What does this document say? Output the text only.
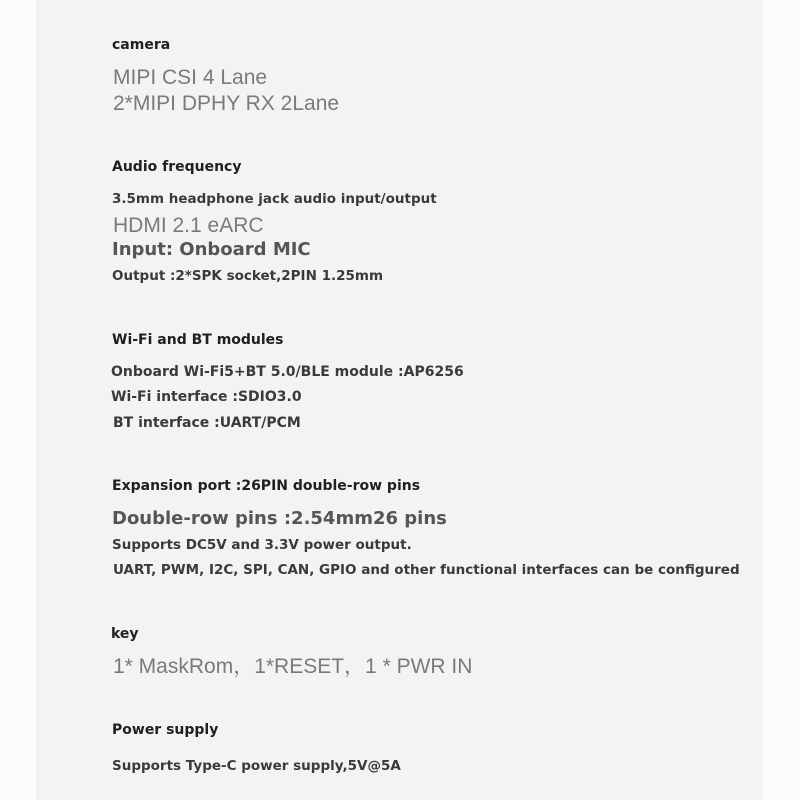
camera
MIPI CSI 4 Lane
2*MIPI DPHY RX 2Lane
Audio frequency
3.5mm headphone jack audio input/output
HDMI 2.1 eARC
Input: Onboard MIC
Output :2*SPK socket,2PIN 1.25mm
Wi-Fi and BT modules
Onboard Wi-Fi5+BT 5.0/BLE module :AP6256
Wi-Fi interface :SDIO3.0
BT interface :UART/PCM
Expansion port :26PIN double-row pins
Double-row pins :2.54mm26 pins
Supports DC5V and 3.3V power output.
UART, PWM, I2C, SPI, CAN, GPIO and other functional interfaces can be configured
key
1* MaskRom，1*RESET，1 * PWR IN
Power supply
Supports Type-C power supply,5V@5A
